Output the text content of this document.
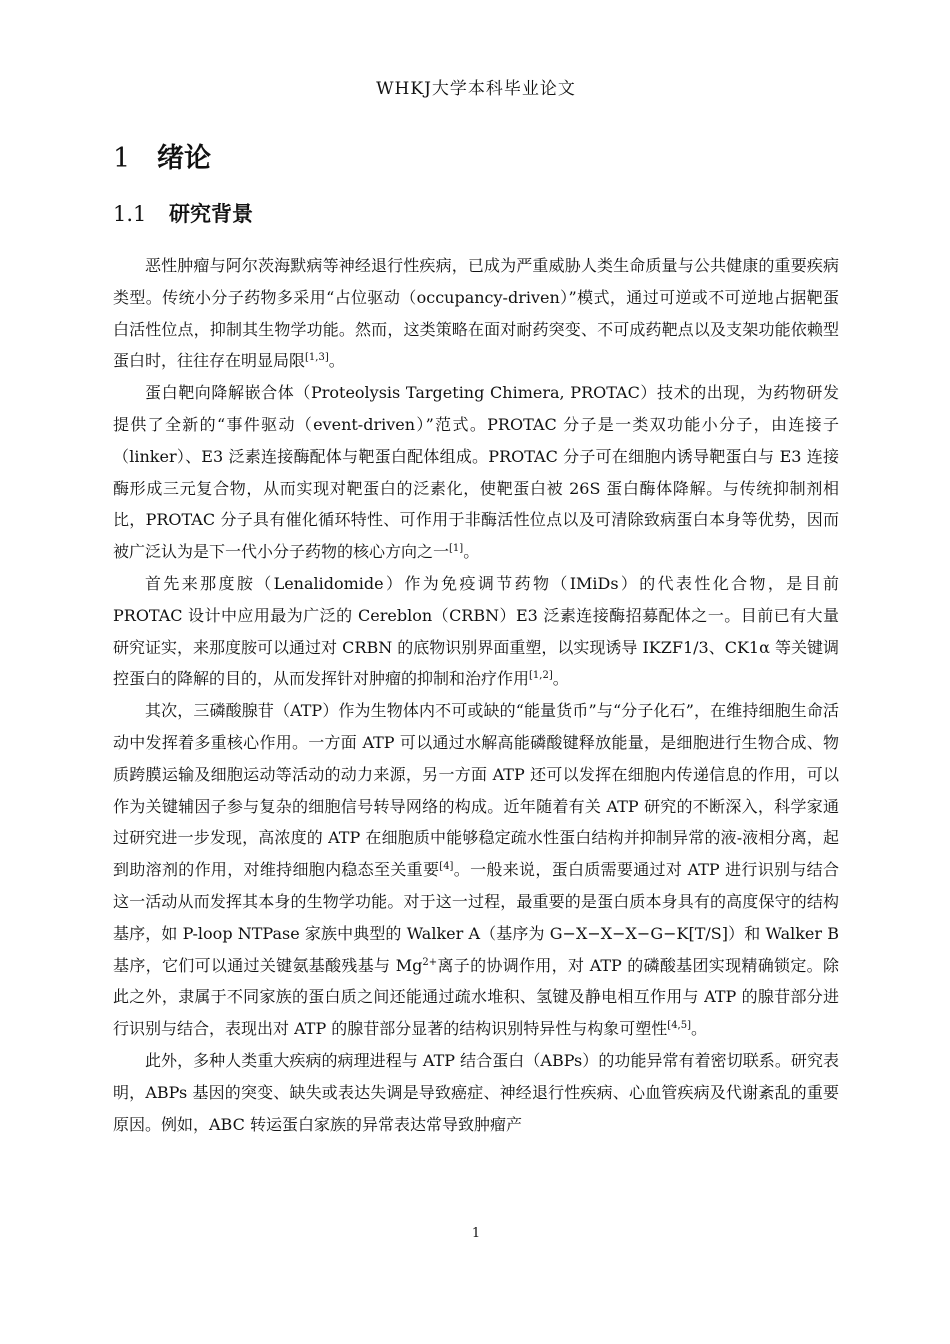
WHKJ大学本科毕业论文
1 绪论
1.1 研究背景

恶性肿瘤与阿尔茨海默病等神经退行性疾病，已成为严重威胁人类生命质量与公共健康的重要疾病类型。传统小分子药物多采用“占位驱动（occupancy-driven）”模式，通过可逆或不可逆地占据靶蛋白活性位点，抑制其生物学功能。然而，这类策略在面对耐药突变、不可成药靶点以及支架功能依赖型蛋白时，往往存在明显局限[1,3]。

蛋白靶向降解嵌合体（Proteolysis Targeting Chimera, PROTAC）技术的出现，为药物研发提供了全新的“事件驱动（event-driven）”范式。PROTAC 分子是一类双功能小分子，由连接子（linker）、E3 泛素连接酶配体与靶蛋白配体组成。PROTAC 分子可在细胞内诱导靶蛋白与 E3 连接酶形成三元复合物，从而实现对靶蛋白的泛素化，使靶蛋白被 26S 蛋白酶体降解。与传统抑制剂相比，PROTAC 分子具有催化循环特性、可作用于非酶活性位点以及可清除致病蛋白本身等优势，因而被广泛认为是下一代小分子药物的核心方向之一[1]。

首先来那度胺（Lenalidomide）作为免疫调节药物（IMiDs）的代表性化合物，是目前 PROTAC 设计中应用最为广泛的 Cereblon（CRBN）E3 泛素连接酶招募配体之一。目前已有大量研究证实，来那度胺可以通过对 CRBN 的底物识别界面重塑，以实现诱导 IKZF1/3、CK1α 等关键调控蛋白的降解的目的，从而发挥针对肿瘤的抑制和治疗作用[1,2]。

其次，三磷酸腺苷（ATP）作为生物体内不可或缺的“能量货币”与“分子化石”，在维持细胞生命活动中发挥着多重核心作用。一方面 ATP 可以通过水解高能磷酸键释放能量，是细胞进行生物合成、物质跨膜运输及细胞运动等活动的动力来源，另一方面 ATP 还可以发挥在细胞内传递信息的作用，可以作为关键辅因子参与复杂的细胞信号转导网络的构成。近年随着有关 ATP 研究的不断深入，科学家通过研究进一步发现，高浓度的 ATP 在细胞质中能够稳定疏水性蛋白结构并抑制异常的液-液相分离，起到助溶剂的作用，对维持细胞内稳态至关重要[4]。一般来说，蛋白质需要通过对 ATP 进行识别与结合这一活动从而发挥其本身的生物学功能。对于这一过程，最重要的是蛋白质本身具有的高度保守的结构基序，如 P-loop NTPase 家族中典型的 Walker A（基序为 G−X−X−X−G−K[T/S]）和 Walker B 基序，它们可以通过关键氨基酸残基与 $Mg^{2+}$离子的协调作用，对 ATP 的磷酸基团实现精确锁定。除此之外，隶属于不同家族的蛋白质之间还能通过疏水堆积、氢键及静电相互作用与 ATP 的腺苷部分进行识别与结合，表现出对 ATP 的腺苷部分显著的结构识别特异性与构象可塑性[4,5]。

此外，多种人类重大疾病的病理进程与 ATP 结合蛋白（ABPs）的功能异常有着密切联系。研究表明，ABPs 基因的突变、缺失或表达失调是导致癌症、神经退行性疾病、心血管疾病及代谢紊乱的重要原因。例如，ABC 转运蛋白家族的异常表达常导致肿瘤产

1
